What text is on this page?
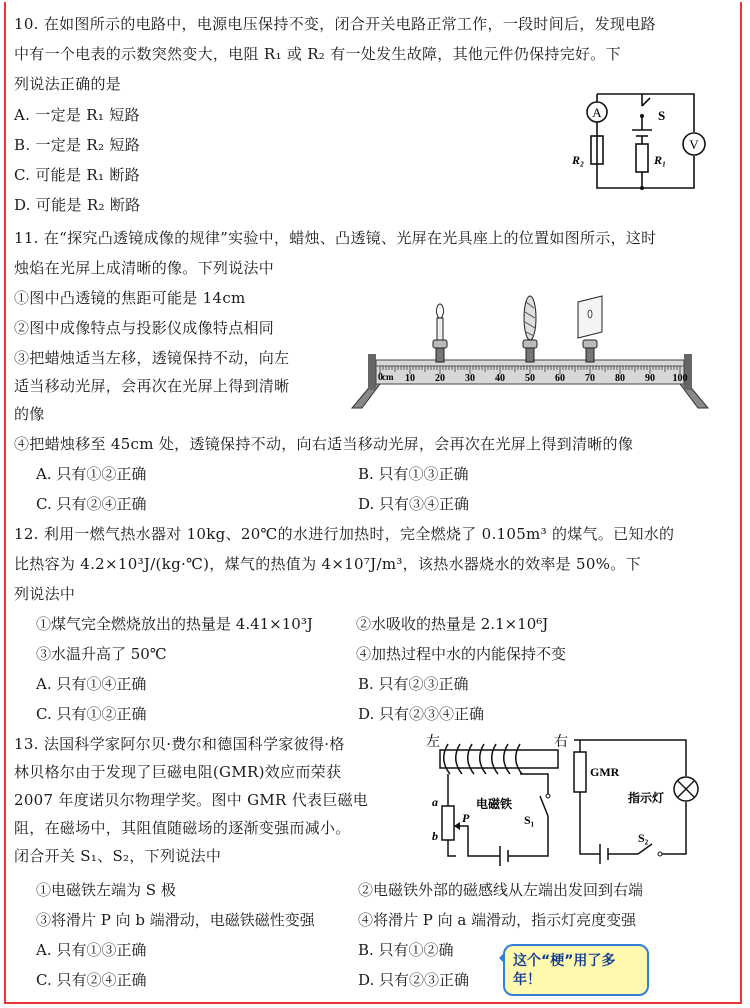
10. 在如图所示的电路中，电源电压保持不变，闭合开关电路正常工作，一段时间后，发现电路
中有一个电表的示数突然变大，电阻 R₁ 或 R₂ 有一处发生故障，其他元件仍保持完好。下
列说法正确的是
A. 一定是 R₁ 短路
B. 一定是 R₂ 短路
C. 可能是 R₁ 断路
D. 可能是 R₂ 断路
A
V
S
R₁
R₂
11. 在“探究凸透镜成像的规律”实验中，蜡烛、凸透镜、光屏在光具座上的位置如图所示，这时
烛焰在光屏上成清晰的像。下列说法中
①图中凸透镜的焦距可能是 14cm
②图中成像特点与投影仪成像特点相同
③把蜡烛适当左移，透镜保持不动，向左
适当移动光屏，会再次在光屏上得到清晰
的像
④把蜡烛移至 45cm 处，透镜保持不动，向右适当移动光屏，会再次在光屏上得到清晰的像
A. 只有①②正确	B. 只有①③正确
C. 只有②④正确	D. 只有③④正确
cm 10 20 30 40 50 60 70 80 90 100
0
12. 利用一燃气热水器对 10kg、20℃的水进行加热时，完全燃烧了 0.105m³ 的煤气。已知水的
比热容为 4.2×10³J/(kg·℃)，煤气的热值为 4×10⁷J/m³，该热水器烧水的效率是 50%。下
列说法中
①煤气完全燃烧放出的热量是 4.41×10³J	②水吸收的热量是 2.1×10⁶J
③水温升高了 50℃	④加热过程中水的内能保持不变
A. 只有①④正确	B. 只有②③正确
C. 只有①②正确	D. 只有②③④正确
13. 法国科学家阿尔贝·费尔和德国科学家彼得·格
林贝格尔由于发现了巨磁电阻(GMR)效应而荣获
2007 年度诺贝尔物理学奖。图中 GMR 代表巨磁电
阻，在磁场中，其阻值随磁场的逐渐变强而减小。
闭合开关 S₁、S₂，下列说法中
①电磁铁左端为 S 极	②电磁铁外部的磁感线从左端出发回到右端
③将滑片 P 向 b 端滑动，电磁铁磁性变强	④将滑片 P 向 a 端滑动，指示灯亮度变强
A. 只有①③正确	B. 只有①②确
C. 只有②④正确	D. 只有②③正确
左	右
电磁铁
a
b
P	S₁
S₂
GMR
指示灯
这个“梗”用了多年！
